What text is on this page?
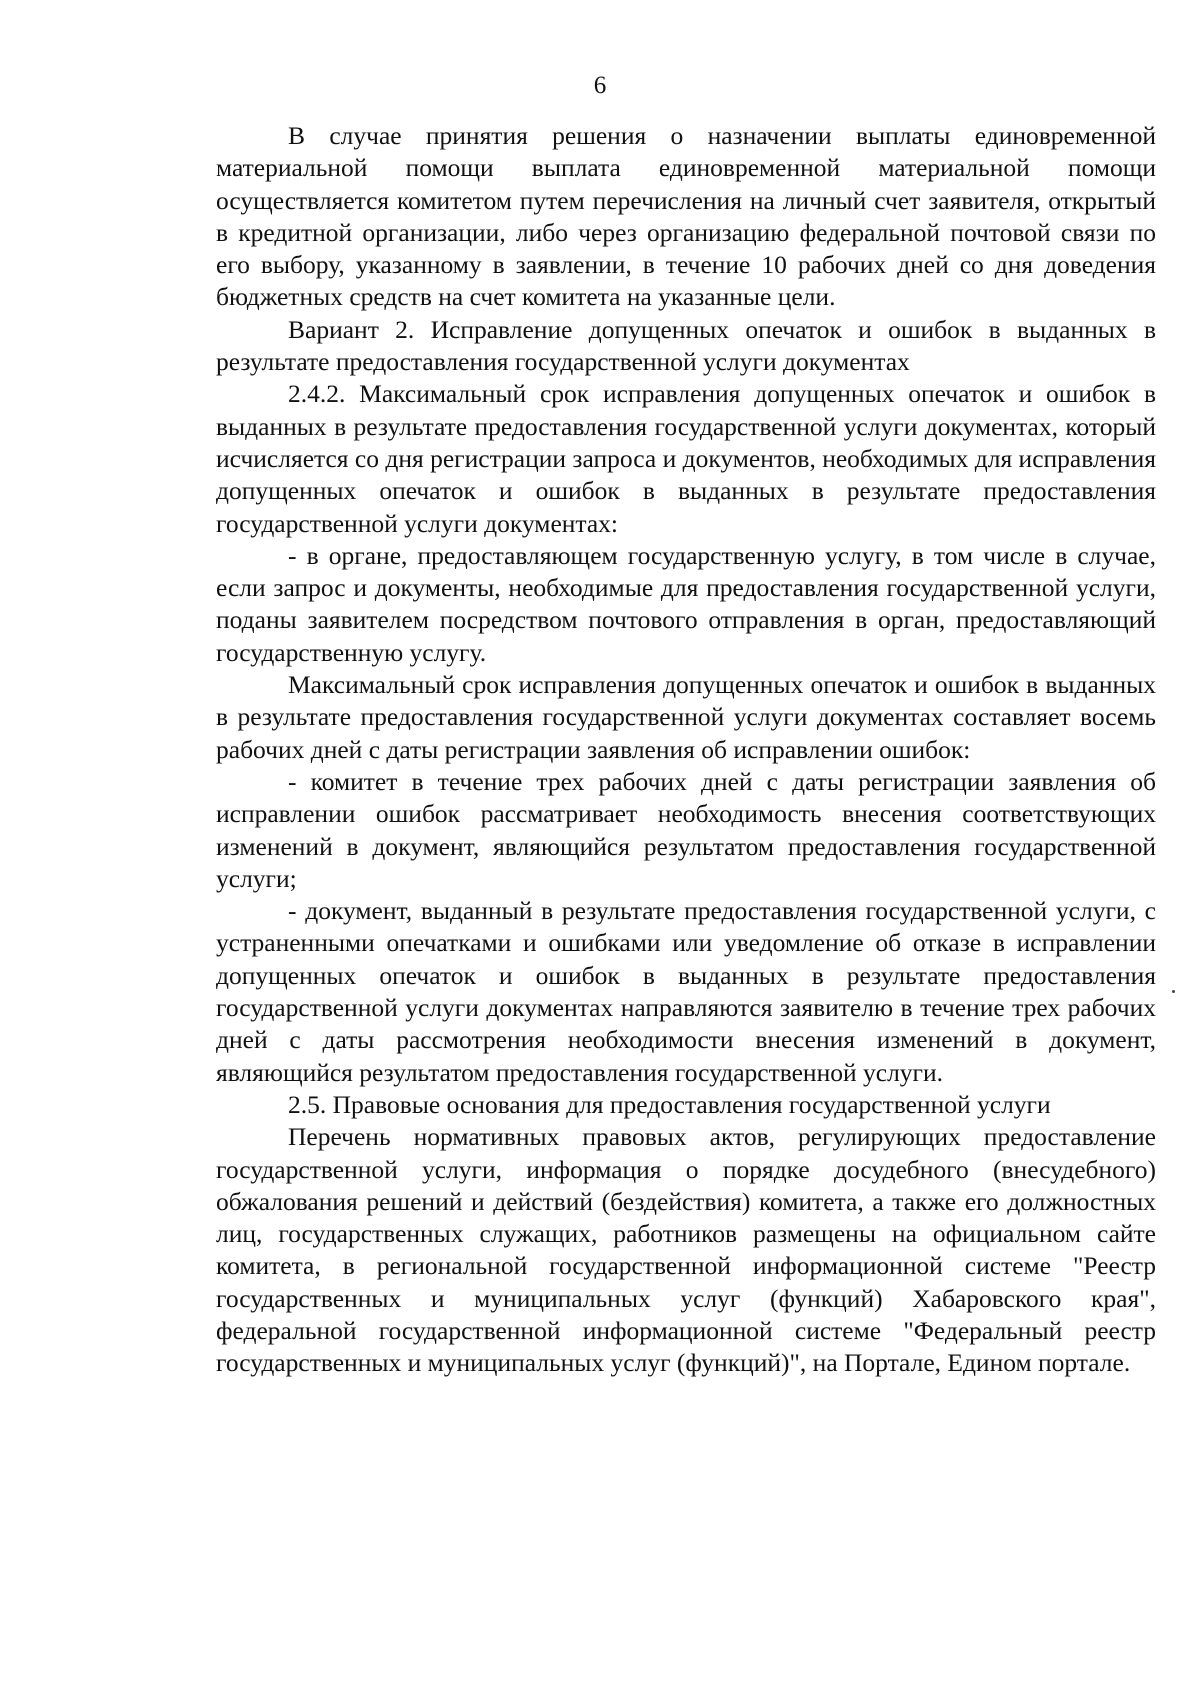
6

В случае принятия решения о назначении выплаты единовременной материальной помощи выплата единовременной материальной помощи осуществляется комитетом путем перечисления на личный счет заявителя, открытый в кредитной организации, либо через организацию федеральной почтовой связи по его выбору, указанному в заявлении, в течение 10 рабочих дней со дня доведения бюджетных средств на счет комитета на указанные цели.

Вариант 2. Исправление допущенных опечаток и ошибок в выданных в результате предоставления государственной услуги документах

2.4.2. Максимальный срок исправления допущенных опечаток и ошибок в выданных в результате предоставления государственной услуги документах, который исчисляется со дня регистрации запроса и документов, необходимых для исправления допущенных опечаток и ошибок в выданных в результате предоставления государственной услуги документах:

- в органе, предоставляющем государственную услугу, в том числе в случае, если запрос и документы, необходимые для предоставления государственной услуги, поданы заявителем посредством почтового отправления в орган, предоставляющий государственную услугу.

Максимальный срок исправления допущенных опечаток и ошибок в выданных в результате предоставления государственной услуги документах составляет восемь рабочих дней с даты регистрации заявления об исправлении ошибок:

- комитет в течение трех рабочих дней с даты регистрации заявления об исправлении ошибок рассматривает необходимость внесения соответствующих изменений в документ, являющийся результатом предоставления государственной услуги;

- документ, выданный в результате предоставления государственной услуги, с устраненными опечатками и ошибками или уведомление об отказе в исправлении допущенных опечаток и ошибок в выданных в результате предоставления государственной услуги документах направляются заявителю в течение трех рабочих дней с даты рассмотрения необходимости внесения изменений в документ, являющийся результатом предоставления государственной услуги.

2.5. Правовые основания для предоставления государственной услуги

Перечень нормативных правовых актов, регулирующих предоставление государственной услуги, информация о порядке досудебного (внесудебного) обжалования решений и действий (бездействия) комитета, а также его должностных лиц, государственных служащих, работников размещены на официальном сайте комитета, в региональной государственной информационной системе "Реестр государственных и муниципальных услуг (функций) Хабаровского края", федеральной государственной информационной системе "Федеральный реестр государственных и муниципальных услуг (функций)", на Портале, Едином портале.
